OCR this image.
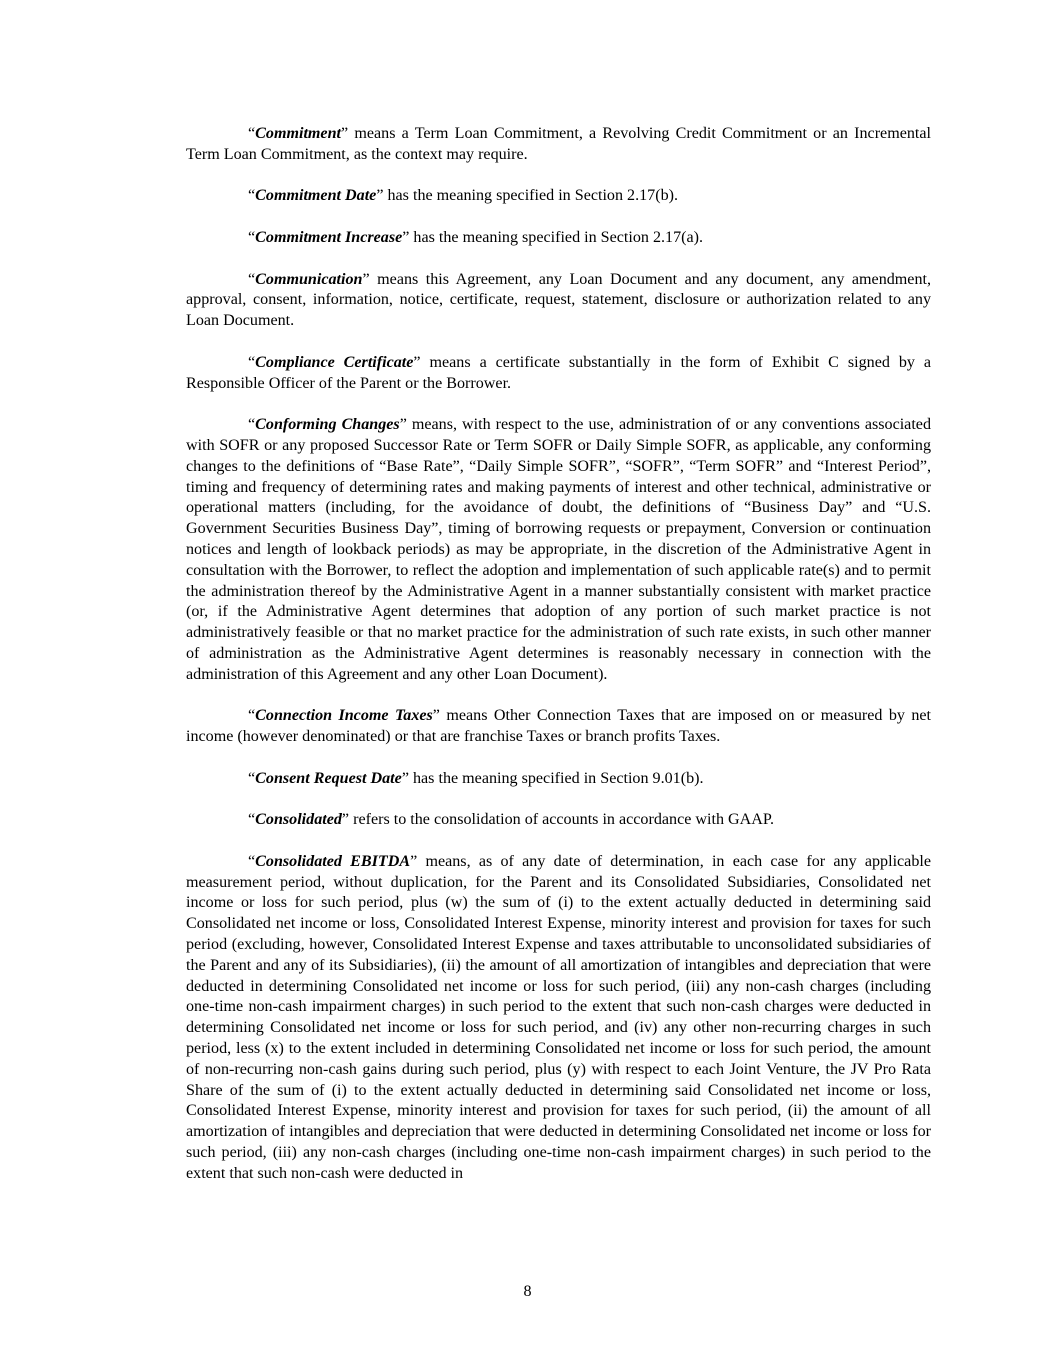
“Commitment” means a Term Loan Commitment, a Revolving Credit Commitment or an Incremental Term Loan Commitment, as the context may require.

“Commitment Date” has the meaning specified in Section 2.17(b).

“Commitment Increase” has the meaning specified in Section 2.17(a).

“Communication” means this Agreement, any Loan Document and any document, any amendment, approval, consent, information, notice, certificate, request, statement, disclosure or authorization related to any Loan Document.

“Compliance Certificate” means a certificate substantially in the form of Exhibit C signed by a Responsible Officer of the Parent or the Borrower.

“Conforming Changes” means, with respect to the use, administration of or any conventions associated with SOFR or any proposed Successor Rate or Term SOFR or Daily Simple SOFR, as applicable, any conforming changes to the definitions of “Base Rate”, “Daily Simple SOFR”, “SOFR”, “Term SOFR” and “Interest Period”, timing and frequency of determining rates and making payments of interest and other technical, administrative or operational matters (including, for the avoidance of doubt, the definitions of “Business Day” and “U.S. Government Securities Business Day”, timing of borrowing requests or prepayment, Conversion or continuation notices and length of lookback periods) as may be appropriate, in the discretion of the Administrative Agent in consultation with the Borrower, to reflect the adoption and implementation of such applicable rate(s) and to permit the administration thereof by the Administrative Agent in a manner substantially consistent with market practice (or, if the Administrative Agent determines that adoption of any portion of such market practice is not administratively feasible or that no market practice for the administration of such rate exists, in such other manner of administration as the Administrative Agent determines is reasonably necessary in connection with the administration of this Agreement and any other Loan Document).

“Connection Income Taxes” means Other Connection Taxes that are imposed on or measured by net income (however denominated) or that are franchise Taxes or branch profits Taxes.

“Consent Request Date” has the meaning specified in Section 9.01(b).

“Consolidated” refers to the consolidation of accounts in accordance with GAAP.

“Consolidated EBITDA” means, as of any date of determination, in each case for any applicable measurement period, without duplication, for the Parent and its Consolidated Subsidiaries, Consolidated net income or loss for such period, plus (w) the sum of (i) to the extent actually deducted in determining said Consolidated net income or loss, Consolidated Interest Expense, minority interest and provision for taxes for such period (excluding, however, Consolidated Interest Expense and taxes attributable to unconsolidated subsidiaries of the Parent and any of its Subsidiaries), (ii) the amount of all amortization of intangibles and depreciation that were deducted in determining Consolidated net income or loss for such period, (iii) any non-cash charges (including one-time non-cash impairment charges) in such period to the extent that such non-cash charges were deducted in determining Consolidated net income or loss for such period, and (iv) any other non-recurring charges in such period, less (x) to the extent included in determining Consolidated net income or loss for such period, the amount of non-recurring non-cash gains during such period, plus (y) with respect to each Joint Venture, the JV Pro Rata Share of the sum of (i) to the extent actually deducted in determining said Consolidated net income or loss, Consolidated Interest Expense, minority interest and provision for taxes for such period, (ii) the amount of all amortization of intangibles and depreciation that were deducted in determining Consolidated net income or loss for such period, (iii) any non-cash charges (including one-time non-cash impairment charges) in such period to the extent that such non-cash were deducted in

8
